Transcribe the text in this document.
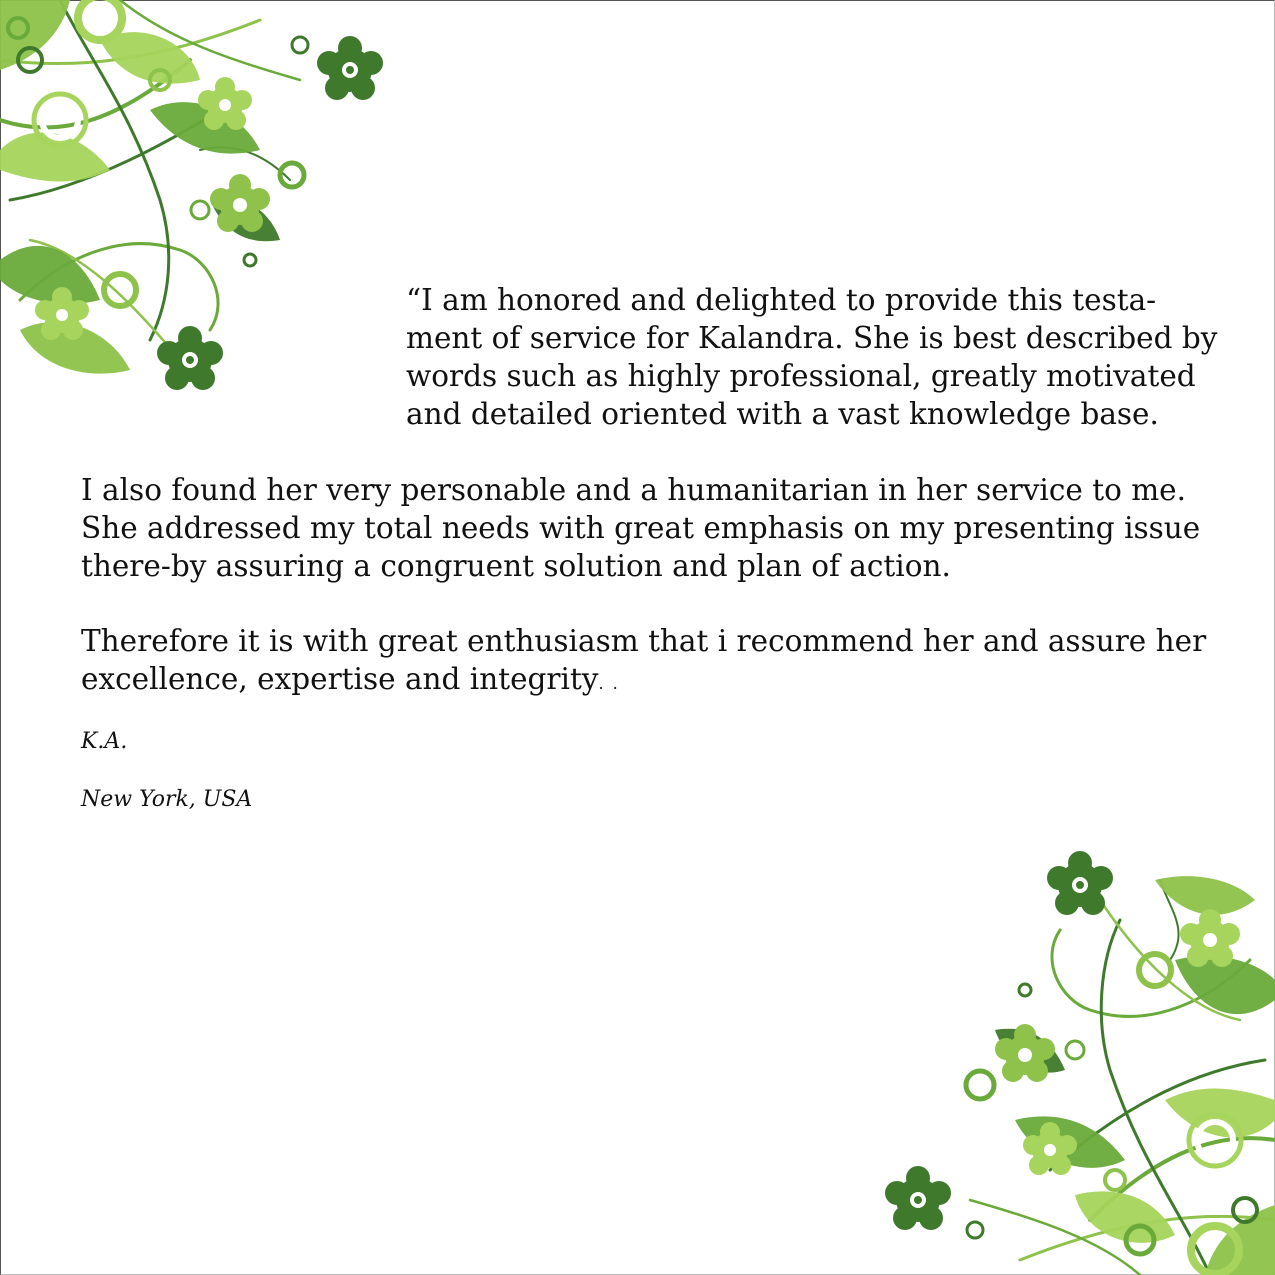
“I am honored and delighted to provide this testa-
ment of service for Kalandra. She is best described by
words such as highly professional, greatly motivated
and detailed oriented with a vast knowledge base.
I also found her very personable and a humanitarian in her service to me.
She addressed my total needs with great emphasis on my presenting issue
there-by assuring a congruent solution and plan of action.
Therefore it is with great enthusiasm that i recommend her and assure her
excellence, expertise and integrity. .

K.A.

New York, USA
